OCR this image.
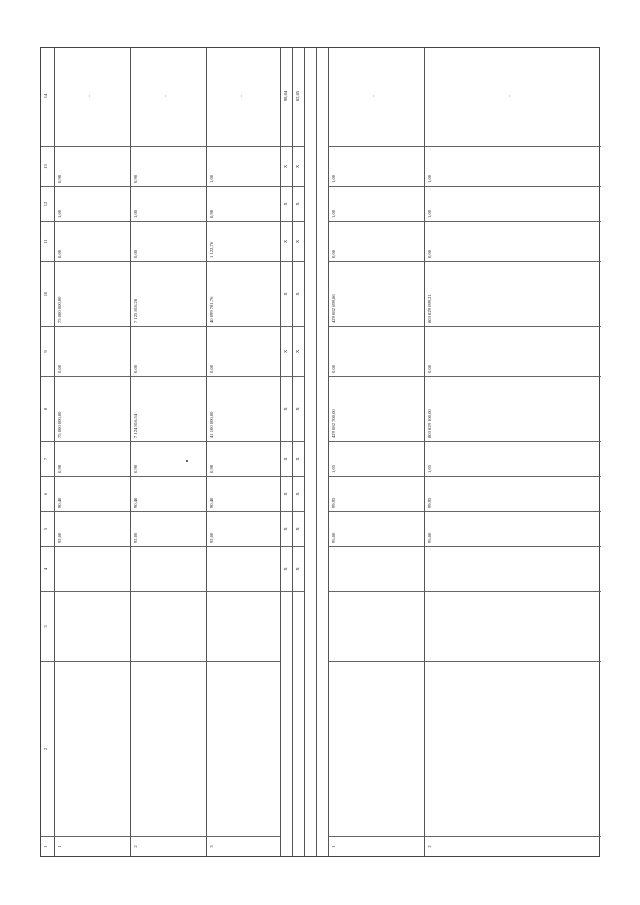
1
2
3
4
5
6
7
8
9
10
11
12
13
14
1
92,00
90,40
0,98
75 000 000,00
0,00
75 000 000,00
0,00
1,00
0,98
-
2
92,00
90,40
0,98
7 124 816,54
0,00
7 125 816,28
0,00
1,00
0,98
-
3
92,00
90,40
0,98
41 100 000,00
0,00
40 099 781,76
1 122,76
0,98
1,00
-
X
X
X
X
X
X
X
X
X
X
98,84
X
X
X
X
X
X
X
X
X
X
82,85
1
95,00
99,95
1,05
429 082 700,00
0,00
429 082 699,86
0,00
1,00
1,00
-
2
95,00
99,95
1,05
803 829 100,00
0,00
803 829 099,21
0,00
1,00
1,00
-
